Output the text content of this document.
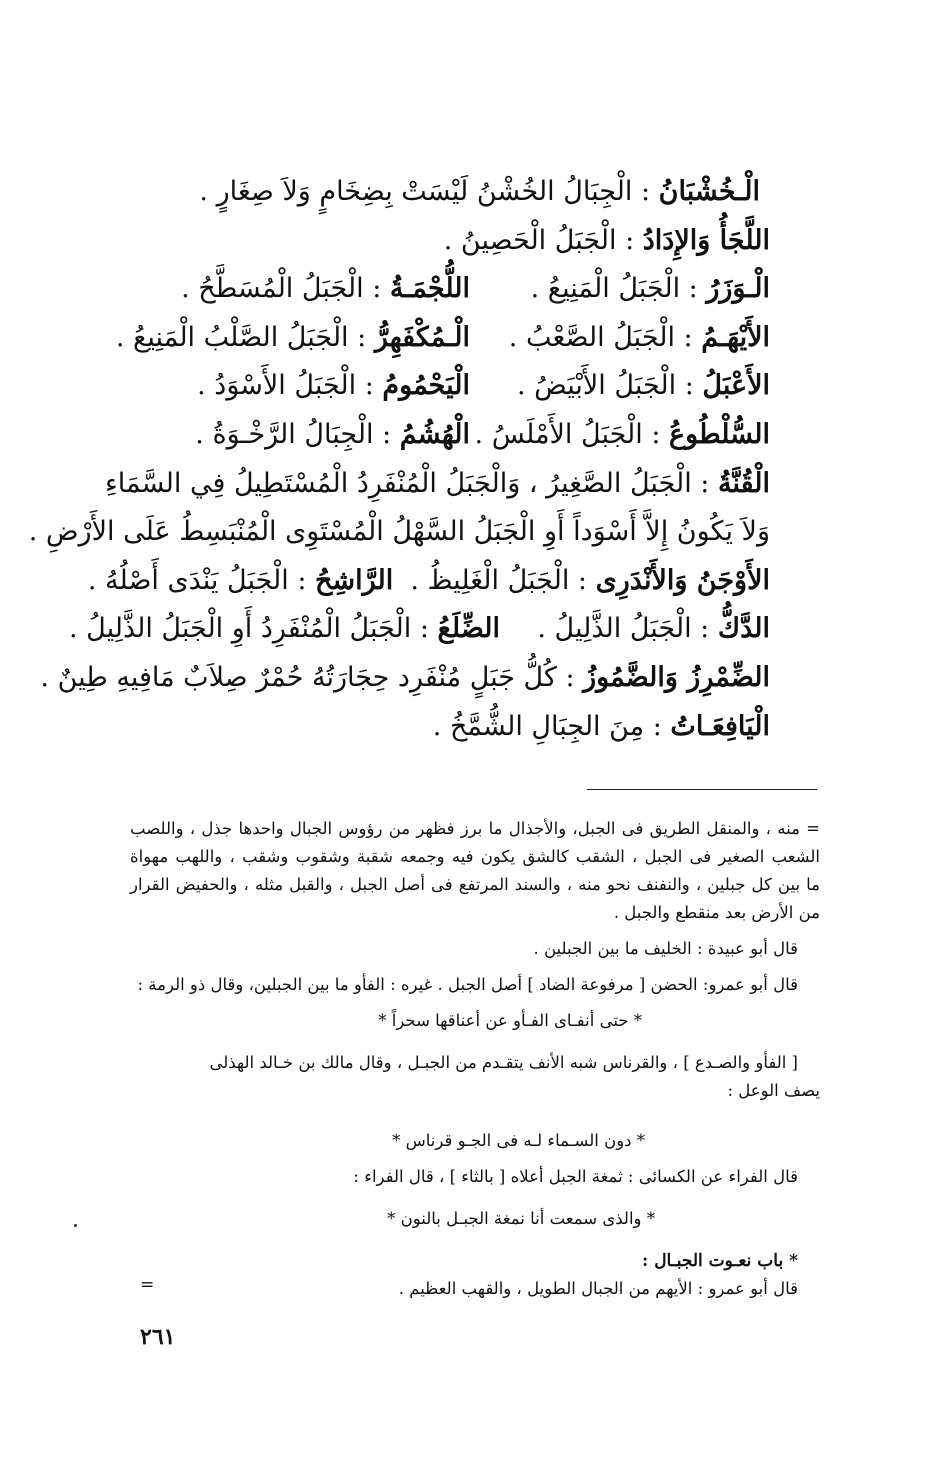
الْـخُشْبَانُ : الْجِبَالُ الخُشْنُ لَيْسَتْ بِضِخَامٍ وَلاَ صِغَارٍ .
اللَّجَأُ وَالإِدَادُ : الْجَبَلُ الْحَصِينُ .
الْـوَزَرُ : الْجَبَلُ الْمَنِيعُ .اللُّجْمَـةُ : الْجَبَلُ الْمُسَطَّحُ .
الأَيْهَـمُ : الْجَبَلُ الصَّعْبُ .الْـمُكْفَهِرُّ : الْجَبَلُ الصَّلْبُ الْمَنِيعُ .
الأَعْبَلُ : الْجَبَلُ الأَبْيَضُ .الْيَحْمُومُ : الْجَبَلُ الأَسْوَدُ .
السُّلْطُوعُ : الْجَبَلُ الأَمْلَسُ .الْهُشُمُ : الْجِبَالُ الرَّخْـوَةُ .
الْقُنَّةُ : الْجَبَلُ الصَّغِيرُ ، وَالْجَبَلُ الْمُنْفَرِدُ الْمُسْتَطِيلُ فِي السَّمَاءِ
وَلاَ يَكُونُ إِلاَّ أَسْوَداً أَوِ الْجَبَلُ السَّهْلُ الْمُسْتَوِى الْمُنْبَسِطُ عَلَى الأَرْضِ .
الأَوْجَنُ وَالأَنْدَرِى : الْجَبَلُ الْغَلِيظُ .  الرَّاشِحُ : الْجَبَلُ يَنْدَى أَصْلُهُ .
الدَّكُّ : الْجَبَلُ الذَّلِيلُ .الضِّلَعُ : الْجَبَلُ الْمُنْفَرِدُ أَوِ الْجَبَلُ الذَّلِيلُ .
الضِّمْرِزُ وَالضَّمُوزُ : كُلُّ جَبَلٍ مُنْفَرِد حِجَارَتُهُ حُمْرٌ صِلاَبٌ مَافِيهِ طِينٌ .
الْيَافِعَـاتُ : مِنَ الجِبَالِ الشُّمَّخُ .
= منه ، والمنقل الطريق فى الجبل، والأجذال ما برز فظهر من رؤوس الجبال واحدها جذل ، واللصب
الشعب الصغير فى الجبل ، الشقب كالشق يكون فيه وجمعه شقبة وشقوب وشقب ، واللهب مهواة
ما بين كل جبلين ، والنفنف نحو منه ، والسند المرتفع فى أصل الجبل ، والقبل مثله ، والحفيض القرار
من الأرض بعد منقطع والجبل .
قال أبو عبيدة : الخليف ما بين الجبلين .
قال أبو عمرو: الحضن [ مرفوعة الضاد ] أصل الجبل . غيره : الفأو ما بين الجبلين، وقال ذو الرمة :
* حتى أنفـاى الفـأو عن أعناقها سحراً *
[ الفأو والصـدع ] ، والقرناس شبه الأنف يتقـدم من الجبـل ، وقال مالك بن خـالد الهذلى
يصف الوعل :
* دون السـماء لـه فى الجـو قرناس *
قال الفراء عن الكسائى : ثمغة الجبل أعلاه [ بالثاء ] ، قال الفراء :
* والذى سمعت أنا نمغة الجبـل بالنون *
* باب نعـوت الجبـال :
قال أبو عمرو : الأيهم من الجبال الطويل ، والقهب العظيم .
=
٢٦١
